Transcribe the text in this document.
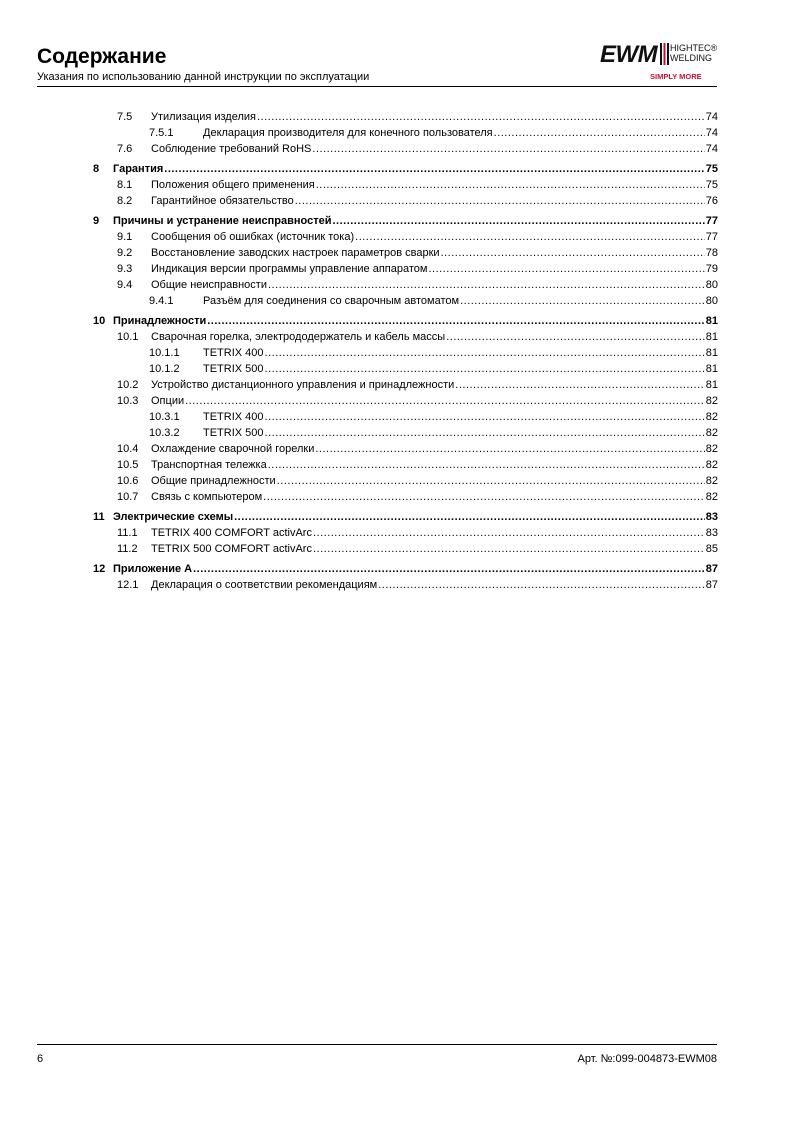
Содержание
Указания по использованию данной инструкции по эксплуатации
EWM HIGHTEC®
WELDING
SIMPLY MORE
7.5	Утилизация изделия .....	74
7.5.1	Декларация производителя для конечного пользователя .....	74
7.6	Соблюдение требований RoHS .....	74
8	Гарантия .....	75
8.1	Положения общего применения .....	75
8.2	Гарантийное обязательство .....	76
9	Причины и устранение неисправностей .....	77
9.1	Сообщения об ошибках (источник тока) .....	77
9.2	Восстановление заводских настроек параметров сварки .....	78
9.3	Индикация версии программы управление аппаратом .....	79
9.4	Общие неисправности .....	80
9.4.1	Разъём для соединения со сварочным автоматом .....	80
10 Принадлежности .....	81
10.1	Сварочная горелка, электрододержатель и кабель массы .....	81
10.1.1	TETRIX 400 .....	81
10.1.2	TETRIX 500 .....	81
10.2	Устройство дистанционного управления и принадлежности .....	81
10.3	Опции .....	82
10.3.1	TETRIX 400 .....	82
10.3.2	TETRIX 500 .....	82
10.4	Охлаждение сварочной горелки .....	82
10.5	Транспортная тележка .....	82
10.6	Общие принадлежности .....	82
10.7	Связь с компьютером .....	82
11 Электрические схемы .....	83
11.1	TETRIX 400 COMFORT activArc .....	83
11.2	TETRIX 500 COMFORT activArc .....	85
12 Приложение A .....	87
12.1	Декларация о соответствии рекомендациям .....	87
6	Арт. №:099-004873-EWM08
